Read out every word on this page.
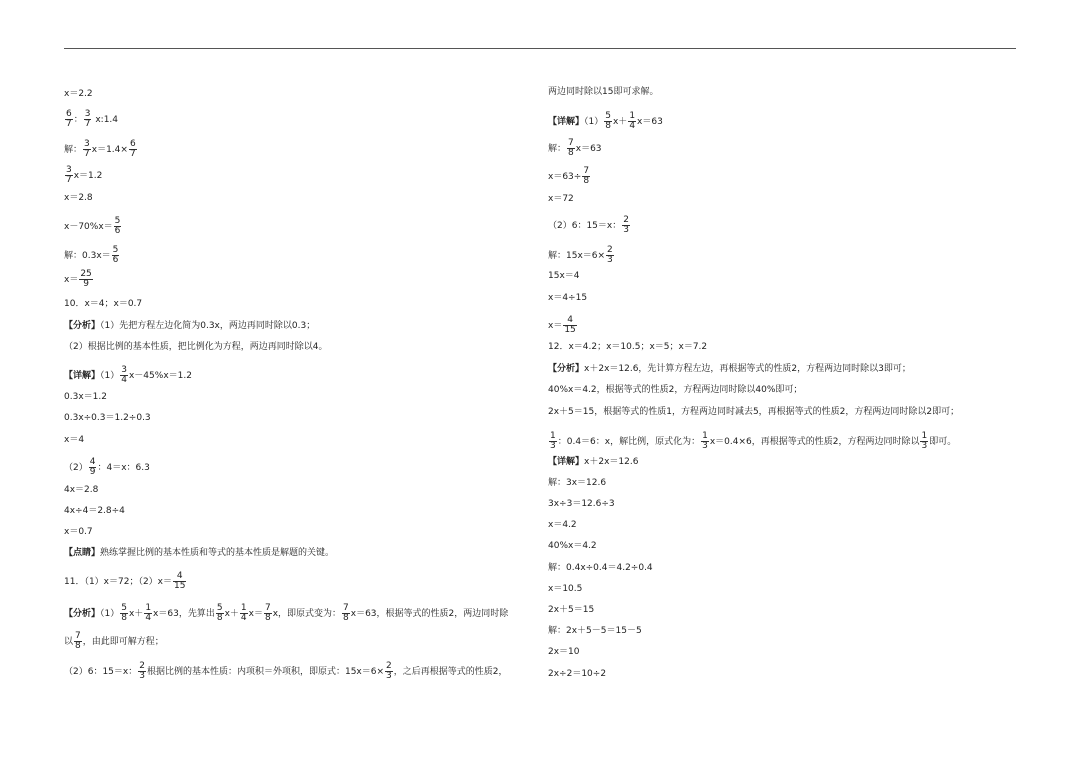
x＝2.2
$\frac{6}{7}$ ： $\frac{3}{7}$ x:1.4
解： $\frac{3}{7} x=1.4\times \frac{6}{7}$
$\frac{3}{7} x=1.2$
x＝2.8
$x-70\%x= \frac{5}{6}$
解：$0.3x= \frac{5}{6}$
$x= \frac{25}{9}$
10．x＝4；x＝0.7
【分析】（1）先把方程左边化简为0.3x，两边再同时除以0.3；
（2）根据比例的基本性质，把比例化为方程，两边再同时除以4。
【详解】$(1) \frac{3}{4} x-45\%x=1.2$
0.3x＝1.2
0.3x÷0.3＝1.2÷0.3
x＝4
$(2) \frac{4}{9}$ ：4＝x：6.3
4x＝2.8
4x÷4＝2.8÷4
x＝0.7
【点睛】熟练掌握比例的基本性质和等式的基本性质是解题的关键。
11．（1）x＝72；$(2)x= \frac{4}{15}$
【分析】$(1) \frac{5}{8} x+ \frac{1}{4} x=63$，先算出 $\frac{5}{8} x+ \frac{1}{4} x= \frac{7}{8}$ x，即原式变为： $\frac{7}{8} x=63$，根据等式的性质2，两边同时除
以 $\frac{7}{8}$ ，由此即可解方程；
（2）6：15＝x： $\frac{2}{3}$ 根据比例的基本性质：内项积＝外项积，即原式：$15x=6\times \frac{2}{3}$ ，之后再根据等式的性质2，
两边同时除以15即可求解。
【详解】$(1) \frac{5}{8} x+ \frac{1}{4} x=63$
解： $\frac{7}{8} x=63$
$x=63\div \frac{7}{8}$
x＝72
（2）6：15＝x： $\frac{2}{3}$
解：$15x=6\times \frac{2}{3}$
15x＝4
x＝4÷15
$x= \frac{4}{15}$
12．x＝4.2；x＝10.5；x＝5；x＝7.2
【分析】x＋2x＝12.6，先计算方程左边，再根据等式的性质2，方程两边同时除以3即可；
40%x＝4.2，根据等式的性质2，方程两边同时除以40%即可；
2x＋5＝15，根据等式的性质1，方程两边同时减去5，再根据等式的性质2，方程两边同时除以2即可；
$\frac{1}{3}$ ：0.4＝6：x，解比例，原式化为： $\frac{1}{3} x=0.4\times 6$，再根据等式的性质2，方程两边同时除以 $\frac{1}{3}$ 即可。
【详解】x＋2x＝12.6
解：3x＝12.6
3x÷3＝12.6÷3
x＝4.2
40%x＝4.2
解：0.4x÷0.4＝4.2÷0.4
x＝10.5
2x＋5＝15
解：2x＋5－5＝15－5
2x＝10
2x÷2＝10÷2
